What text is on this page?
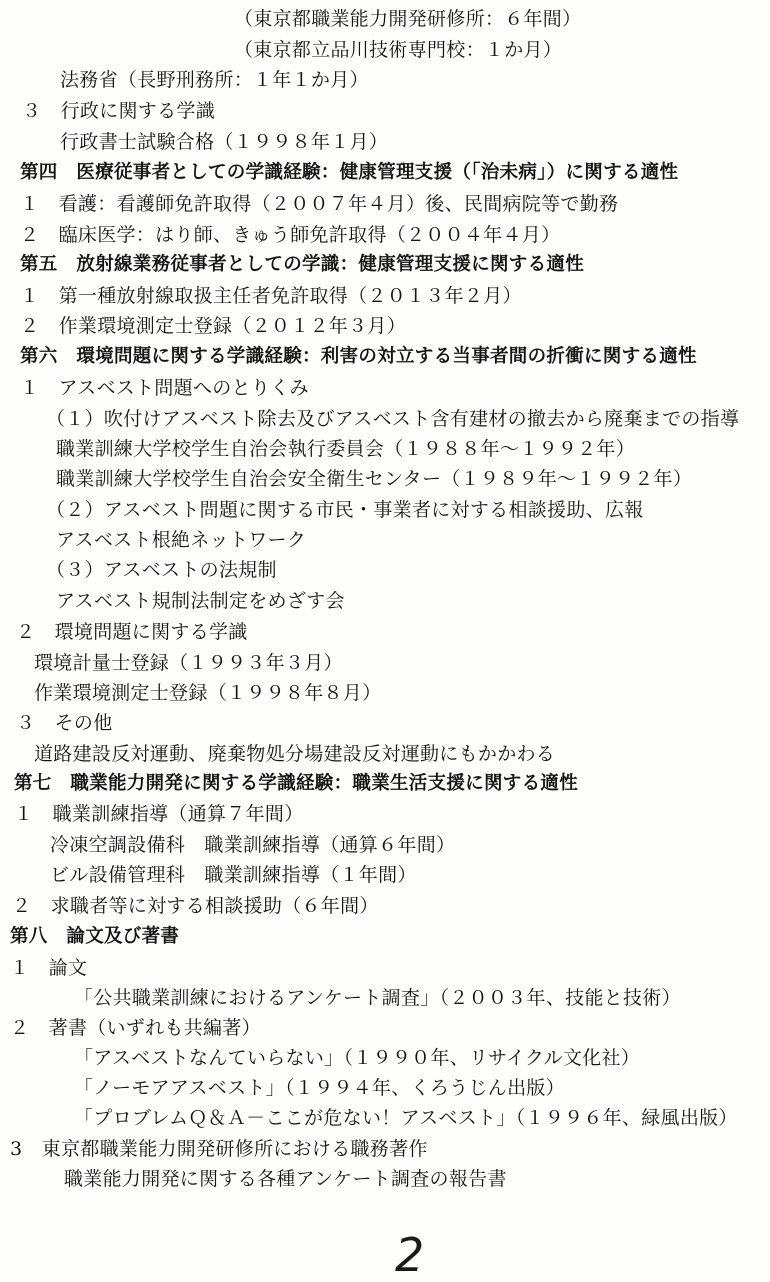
（東京都職業能力開発研修所：６年間）
（東京都立品川技術専門校：１か月）
法務省（長野刑務所：１年１か月）
３　行政に関する学識
行政書士試験合格（１９９８年１月）
第四　医療従事者としての学識経験：健康管理支援（「治未病」）に関する適性
１　看護：看護師免許取得（２００７年４月）後、民間病院等で勤務
２　臨床医学：はり師、きゅう師免許取得（２００４年４月）
第五　放射線業務従事者としての学識：健康管理支援に関する適性
１　第一種放射線取扱主任者免許取得（２０１３年２月）
２　作業環境測定士登録（２０１２年３月）
第六　環境問題に関する学識経験：利害の対立する当事者間の折衝に関する適性
１　アスベスト問題へのとりくみ
（１）吹付けアスベスト除去及びアスベスト含有建材の撤去から廃棄までの指導
職業訓練大学校学生自治会執行委員会（１９８８年～１９９２年）
職業訓練大学校学生自治会安全衛生センター（１９８９年～１９９２年）
（２）アスベスト問題に関する市民・事業者に対する相談援助、広報
アスベスト根絶ネットワーク
（３）アスベストの法規制
アスベスト規制法制定をめざす会
２　環境問題に関する学識
環境計量士登録（１９９３年３月）
作業環境測定士登録（１９９８年８月）
３　その他
道路建設反対運動、廃棄物処分場建設反対運動にもかかわる
第七　職業能力開発に関する学識経験：職業生活支援に関する適性
１　職業訓練指導（通算７年間）
冷凍空調設備科　職業訓練指導（通算６年間）
ビル設備管理科　職業訓練指導（１年間）
２　求職者等に対する相談援助（６年間）
第八　論文及び著書
１　論文
「公共職業訓練におけるアンケート調査」（２００３年、技能と技術）
２　著書（いずれも共編著）
「アスベストなんていらない」（１９９０年、リサイクル文化社）
「ノーモアアスベスト」（１９９４年、くろうじん出版）
「プロブレムＱ＆Ａ－ここが危ない！アスベスト」（１９９６年、緑風出版）
3　東京都職業能力開発研修所における職務著作
職業能力開発に関する各種アンケート調査の報告書
2
